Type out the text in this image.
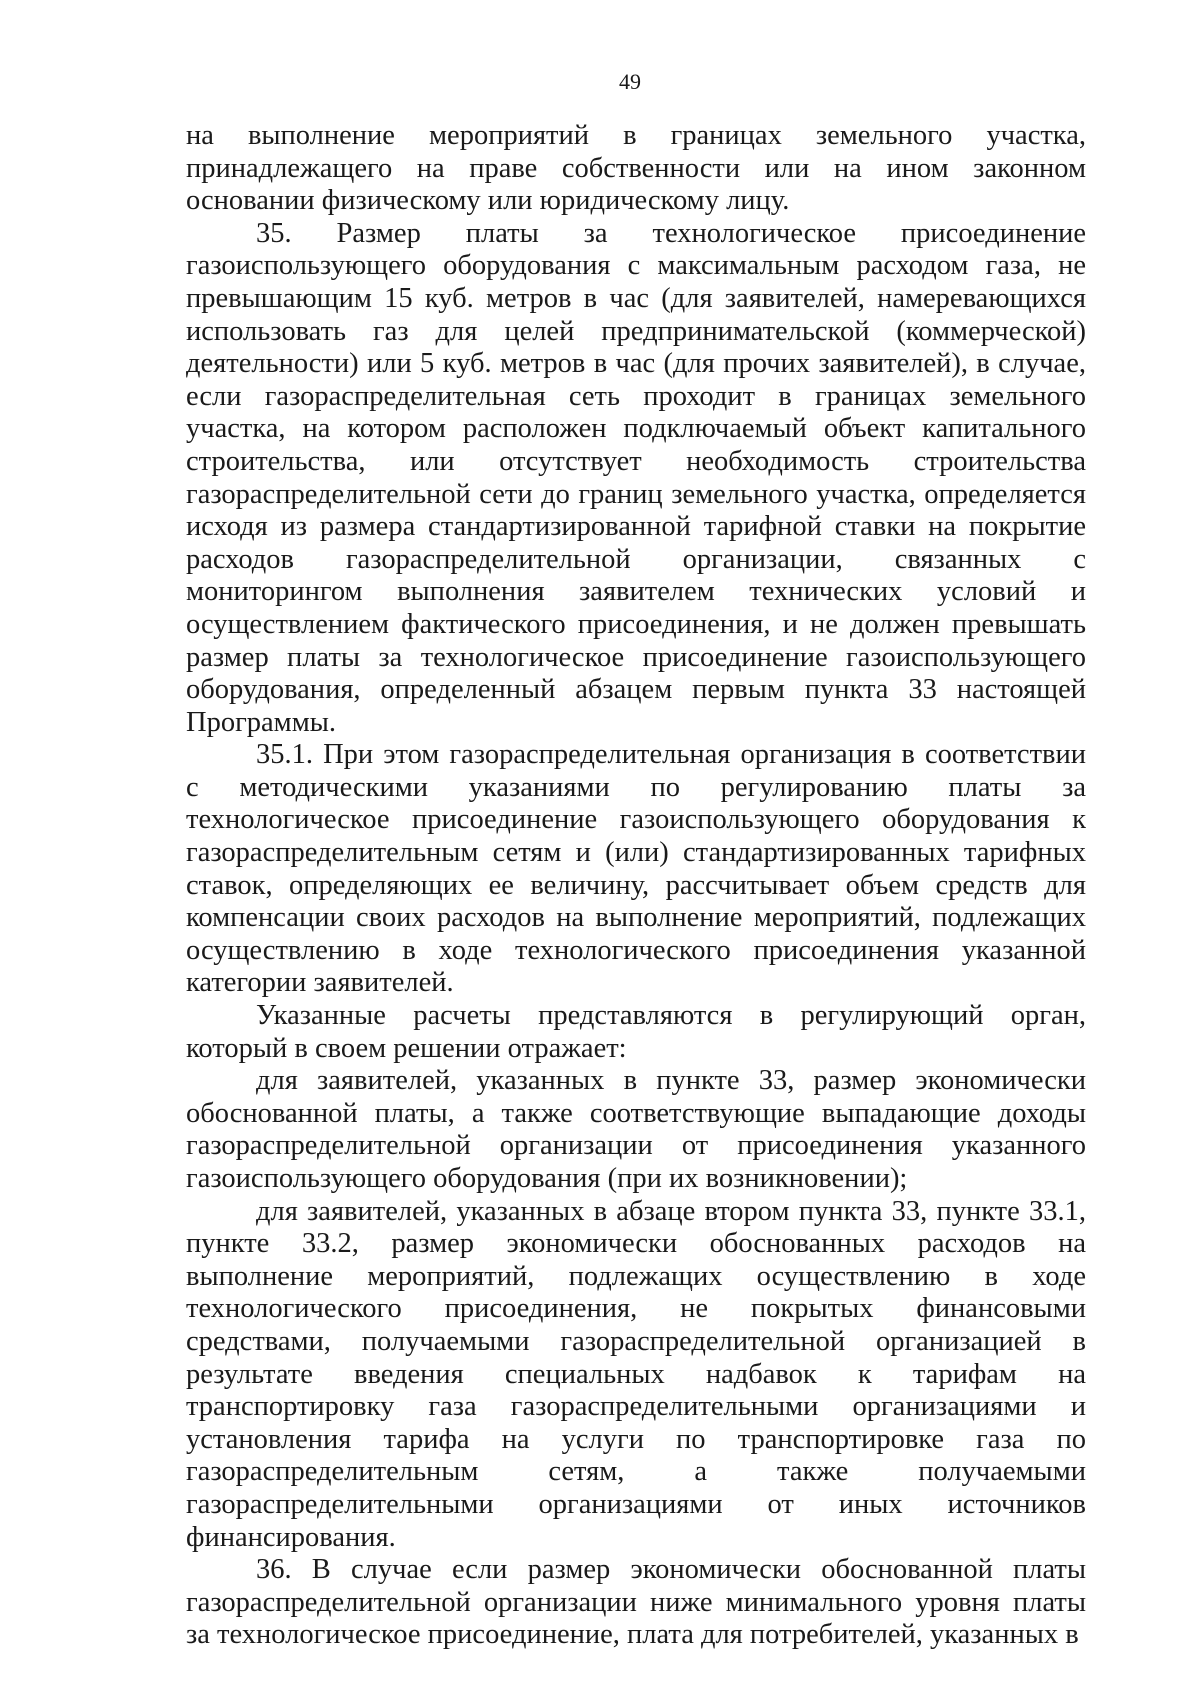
49

на выполнение мероприятий в границах земельного участка, принадлежащего на праве собственности или на ином законном основании физическому или юридическому лицу.

35. Размер платы за технологическое присоединение газоиспользующего оборудования с максимальным расходом газа, не превышающим 15 куб. метров в час (для заявителей, намеревающихся использовать газ для целей предпринимательской (коммерческой) деятельности) или 5 куб. метров в час (для прочих заявителей), в случае, если газораспределительная сеть проходит в границах земельного участка, на котором расположен подключаемый объект капитального строительства, или отсутствует необходимость строительства газораспределительной сети до границ земельного участка, определяется исходя из размера стандартизированной тарифной ставки на покрытие расходов газораспределительной организации, связанных с мониторингом выполнения заявителем технических условий и осуществлением фактического присоединения, и не должен превышать размер платы за технологическое присоединение газоиспользующего оборудования, определенный абзацем первым пункта 33 настоящей Программы.

35.1. При этом газораспределительная организация в соответствии с методическими указаниями по регулированию платы за технологическое присоединение газоиспользующего оборудования к газораспределительным сетям и (или) стандартизированных тарифных ставок, определяющих ее величину, рассчитывает объем средств для компенсации своих расходов на выполнение мероприятий, подлежащих осуществлению в ходе технологического присоединения указанной категории заявителей.

Указанные расчеты представляются в регулирующий орган, который в своем решении отражает:

для заявителей, указанных в пункте 33, размер экономически обоснованной платы, а также соответствующие выпадающие доходы газораспределительной организации от присоединения указанного газоиспользующего оборудования (при их возникновении);

для заявителей, указанных в абзаце втором пункта 33, пункте 33.1, пункте 33.2, размер экономически обоснованных расходов на выполнение мероприятий, подлежащих осуществлению в ходе технологического присоединения, не покрытых финансовыми средствами, получаемыми газораспределительной организацией в результате введения специальных надбавок к тарифам на транспортировку газа газораспределительными организациями и установления тарифа на услуги по транспортировке газа по газораспределительным сетям, а также получаемыми газораспределительными организациями от иных источников финансирования.

36. В случае если размер экономически обоснованной платы газораспределительной организации ниже минимального уровня платы за технологическое присоединение, плата для потребителей, указанных в
